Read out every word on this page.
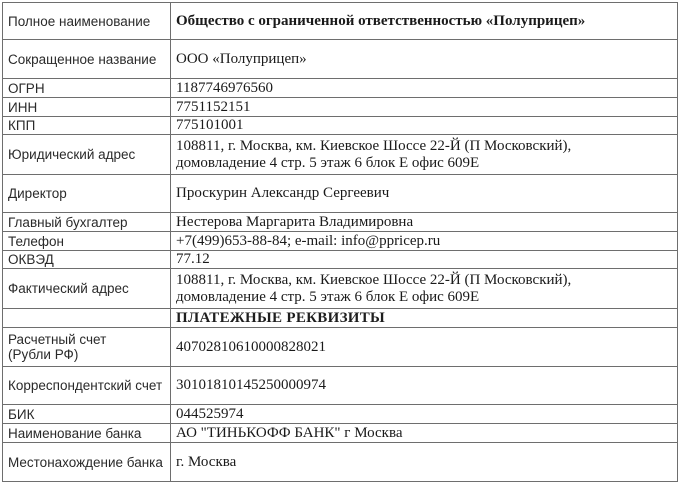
Полное наименование	Общество с ограниченной ответственностью «Полуприцеп»
Сокращенное название	ООО «Полуприцеп»
ОГРН	1187746976560
ИНН	7751152151
КПП	775101001
Юридический адрес	108811, г. Москва, км. Киевское Шоссе 22-Й (П Московский),
домовладение 4 стр. 5 этаж 6 блок Е офис 609Е

Директор	Проскурин Александр Сергеевич
Главный бухгалтер	Нестерова Маргарита Владимировна
Телефон	+7(499)653-88-84; e-mail: info@ppricep.ru
ОКВЭД	77.12
Фактический адрес	108811, г. Москва, км. Киевское Шоссе 22-Й (П Московский),
домовладение 4 стр. 5 этаж 6 блок Е офис 609Е

	ПЛАТЕЖНЫЕ РЕКВИЗИТЫ

Расчетный счет
(Рубли РФ)	40702810610000828021
Корреспондентский счет	30101810145250000974
БИК	044525974
Наименование банка	АО "ТИНЬКОФФ БАНК" г Москва
Местонахождение банка	г. Москва
